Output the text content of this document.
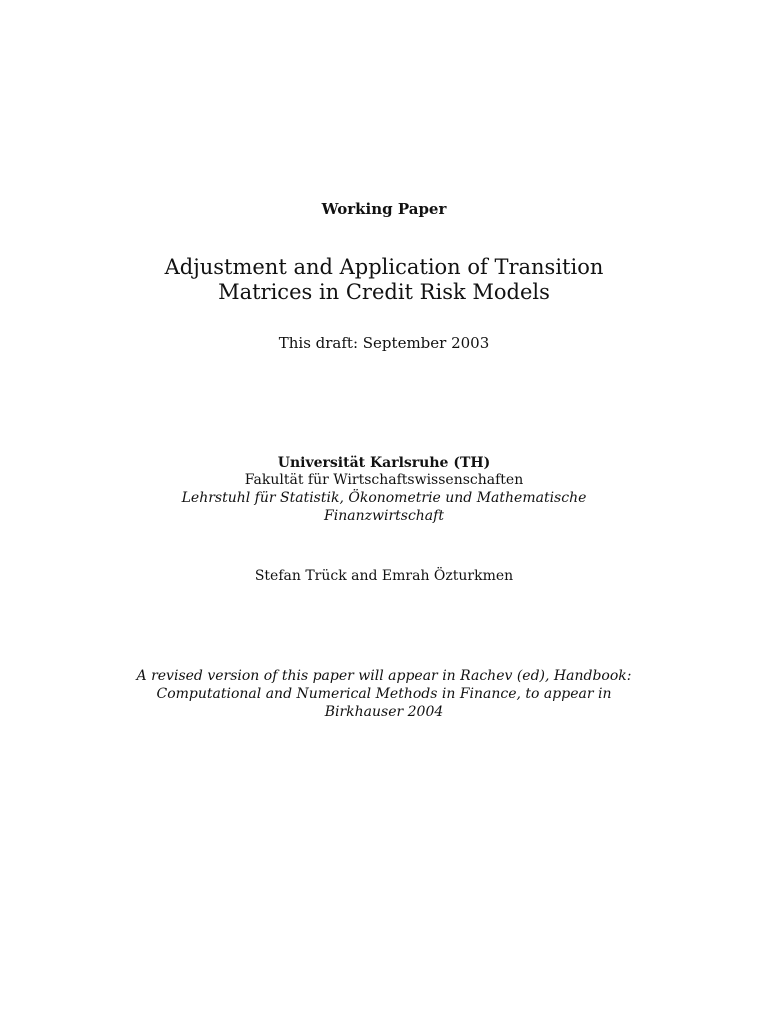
Working Paper
Adjustment and Application of Transition
Matrices in Credit Risk Models
This draft: September 2003
Universität Karlsruhe (TH)
Fakultät für Wirtschaftswissenschaften
Lehrstuhl für Statistik, Ökonometrie und Mathematische
Finanzwirtschaft
Stefan Trück and Emrah Özturkmen
A revised version of this paper will appear in Rachev (ed), Handbook:
Computational and Numerical Methods in Finance, to appear in
Birkhauser 2004
